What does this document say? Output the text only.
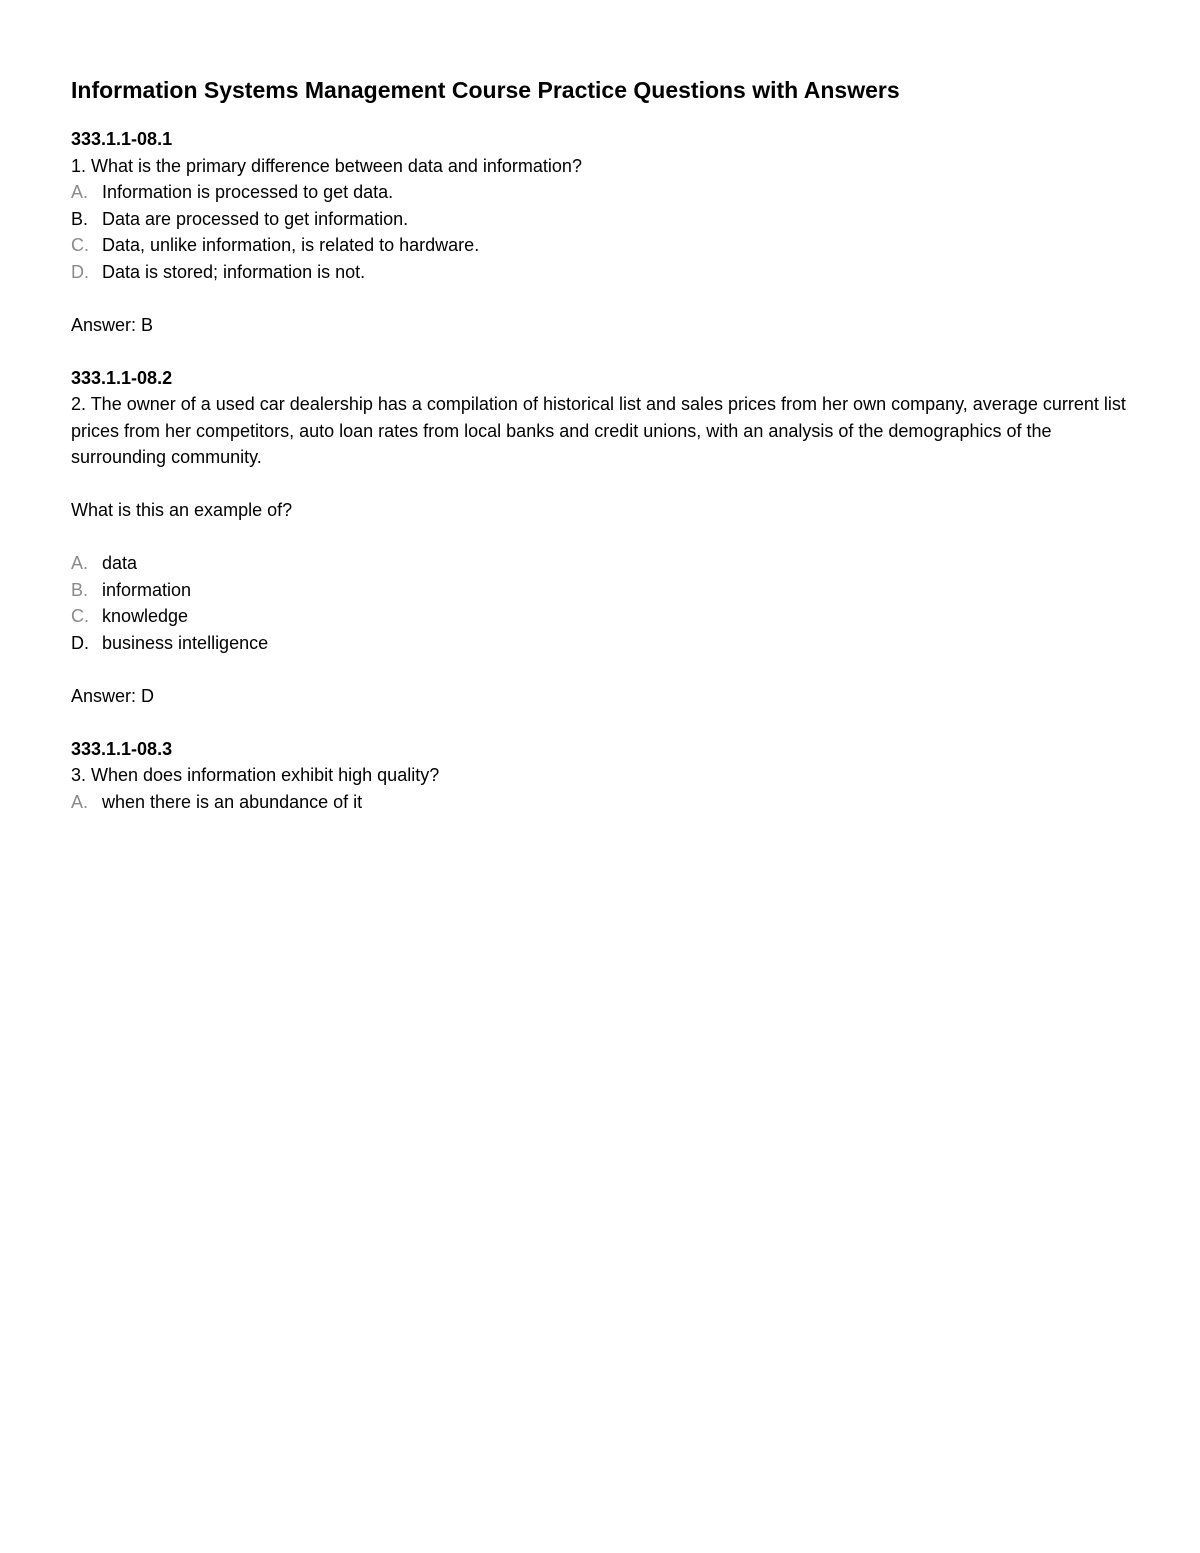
Information Systems Management Course Practice Questions with Answers
333.1.1-08.1

1. What is the primary difference between data and information?

A. Information is processed to get data.
B. Data are processed to get information.
C. Data, unlike information, is related to hardware.
D. Data is stored; information is not.

Answer: B

333.1.1-08.2

2. The owner of a used car dealership has a compilation of historical list and sales prices from her own company, average current list prices from her competitors, auto loan rates from local banks and credit unions, with an analysis of the demographics of the surrounding community.

What is this an example of?

A. data
B. information
C. knowledge
D. business intelligence

Answer: D

333.1.1-08.3

3. When does information exhibit high quality?

A. when there is an abundance of it
